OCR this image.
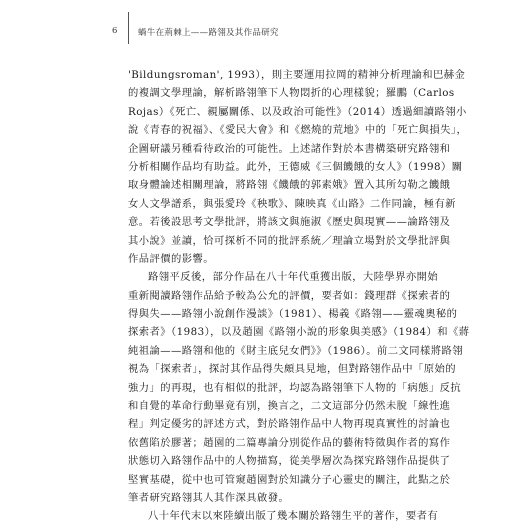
6 蝸牛在荊棘上——路翎及其作品研究
'Bildungsroman', 1993），則主要運用拉岡的精神分析理論和巴赫金
的複調文學理論，解析路翎筆下人物悶折的心理樣貌；羅鵬（Carlos
Rojas）《死亡、親屬關係、以及政治可能性》（2014）透過細讀路翎小
說《青春的祝福》、《愛民大會》和《燃燒的荒地》中的「死亡與損失」，
企圖研議另種看待政治的可能性。上述諸作對於本書構築研究路翎和
分析相關作品均有助益。此外，王德威《三個饑餓的女人》（1998）關
取身體論述相關理論，將路翎《饑餓的郭素娥》置入其所勾勒之饑餓
女人文學譜系，與張愛玲《秧歌》、陳映真《山路》二作同論，極有新
意。若後設思考文學批評，將該文與施淑《歷史與現實——論路翎及
其小說》並讀，恰可探析不同的批評系統／理論立場對於文學批評與
作品評價的影響。
路翎平反後，部分作品在八十年代重獲出版，大陸學界亦開始
重新閱讀路翎作品給予較為公允的評價，要者如：錢理群《探索者的
得與失——路翎小說創作漫談》（1981）、楊義《路翎——靈魂奧秘的
探索者》（1983），以及趙園《路翎小說的形象與美感》（1984）和《蔣
純祖論——路翎和他的《財主底兒女們》》（1986）。前二文同樣將路翎
視為「探索者」，探討其作品得失頗具見地，但對路翎作品中「原始的
強力」的再現，也有相似的批評，均認為路翎筆下人物的「病態」反抗
和自覺的革命行動畢竟有別，換言之，二文這部分仍然未脫「線性進
程」判定優劣的評述方式，對於路翎作品中人物再現真實性的討論也
依舊陷於膠著；趙園的二篇專論分別從作品的藝術特徵與作者的寫作
狀態切入路翎作品中的人物描寫，從美學層次為探究路翎作品提供了
堅實基礎，從中也可管窺趙園對於知識分子心靈史的關注，此點之於
筆者研究路翎其人其作深具啟發。
八十年代末以來陸續出版了幾本關於路翎生平的著作，要者有
